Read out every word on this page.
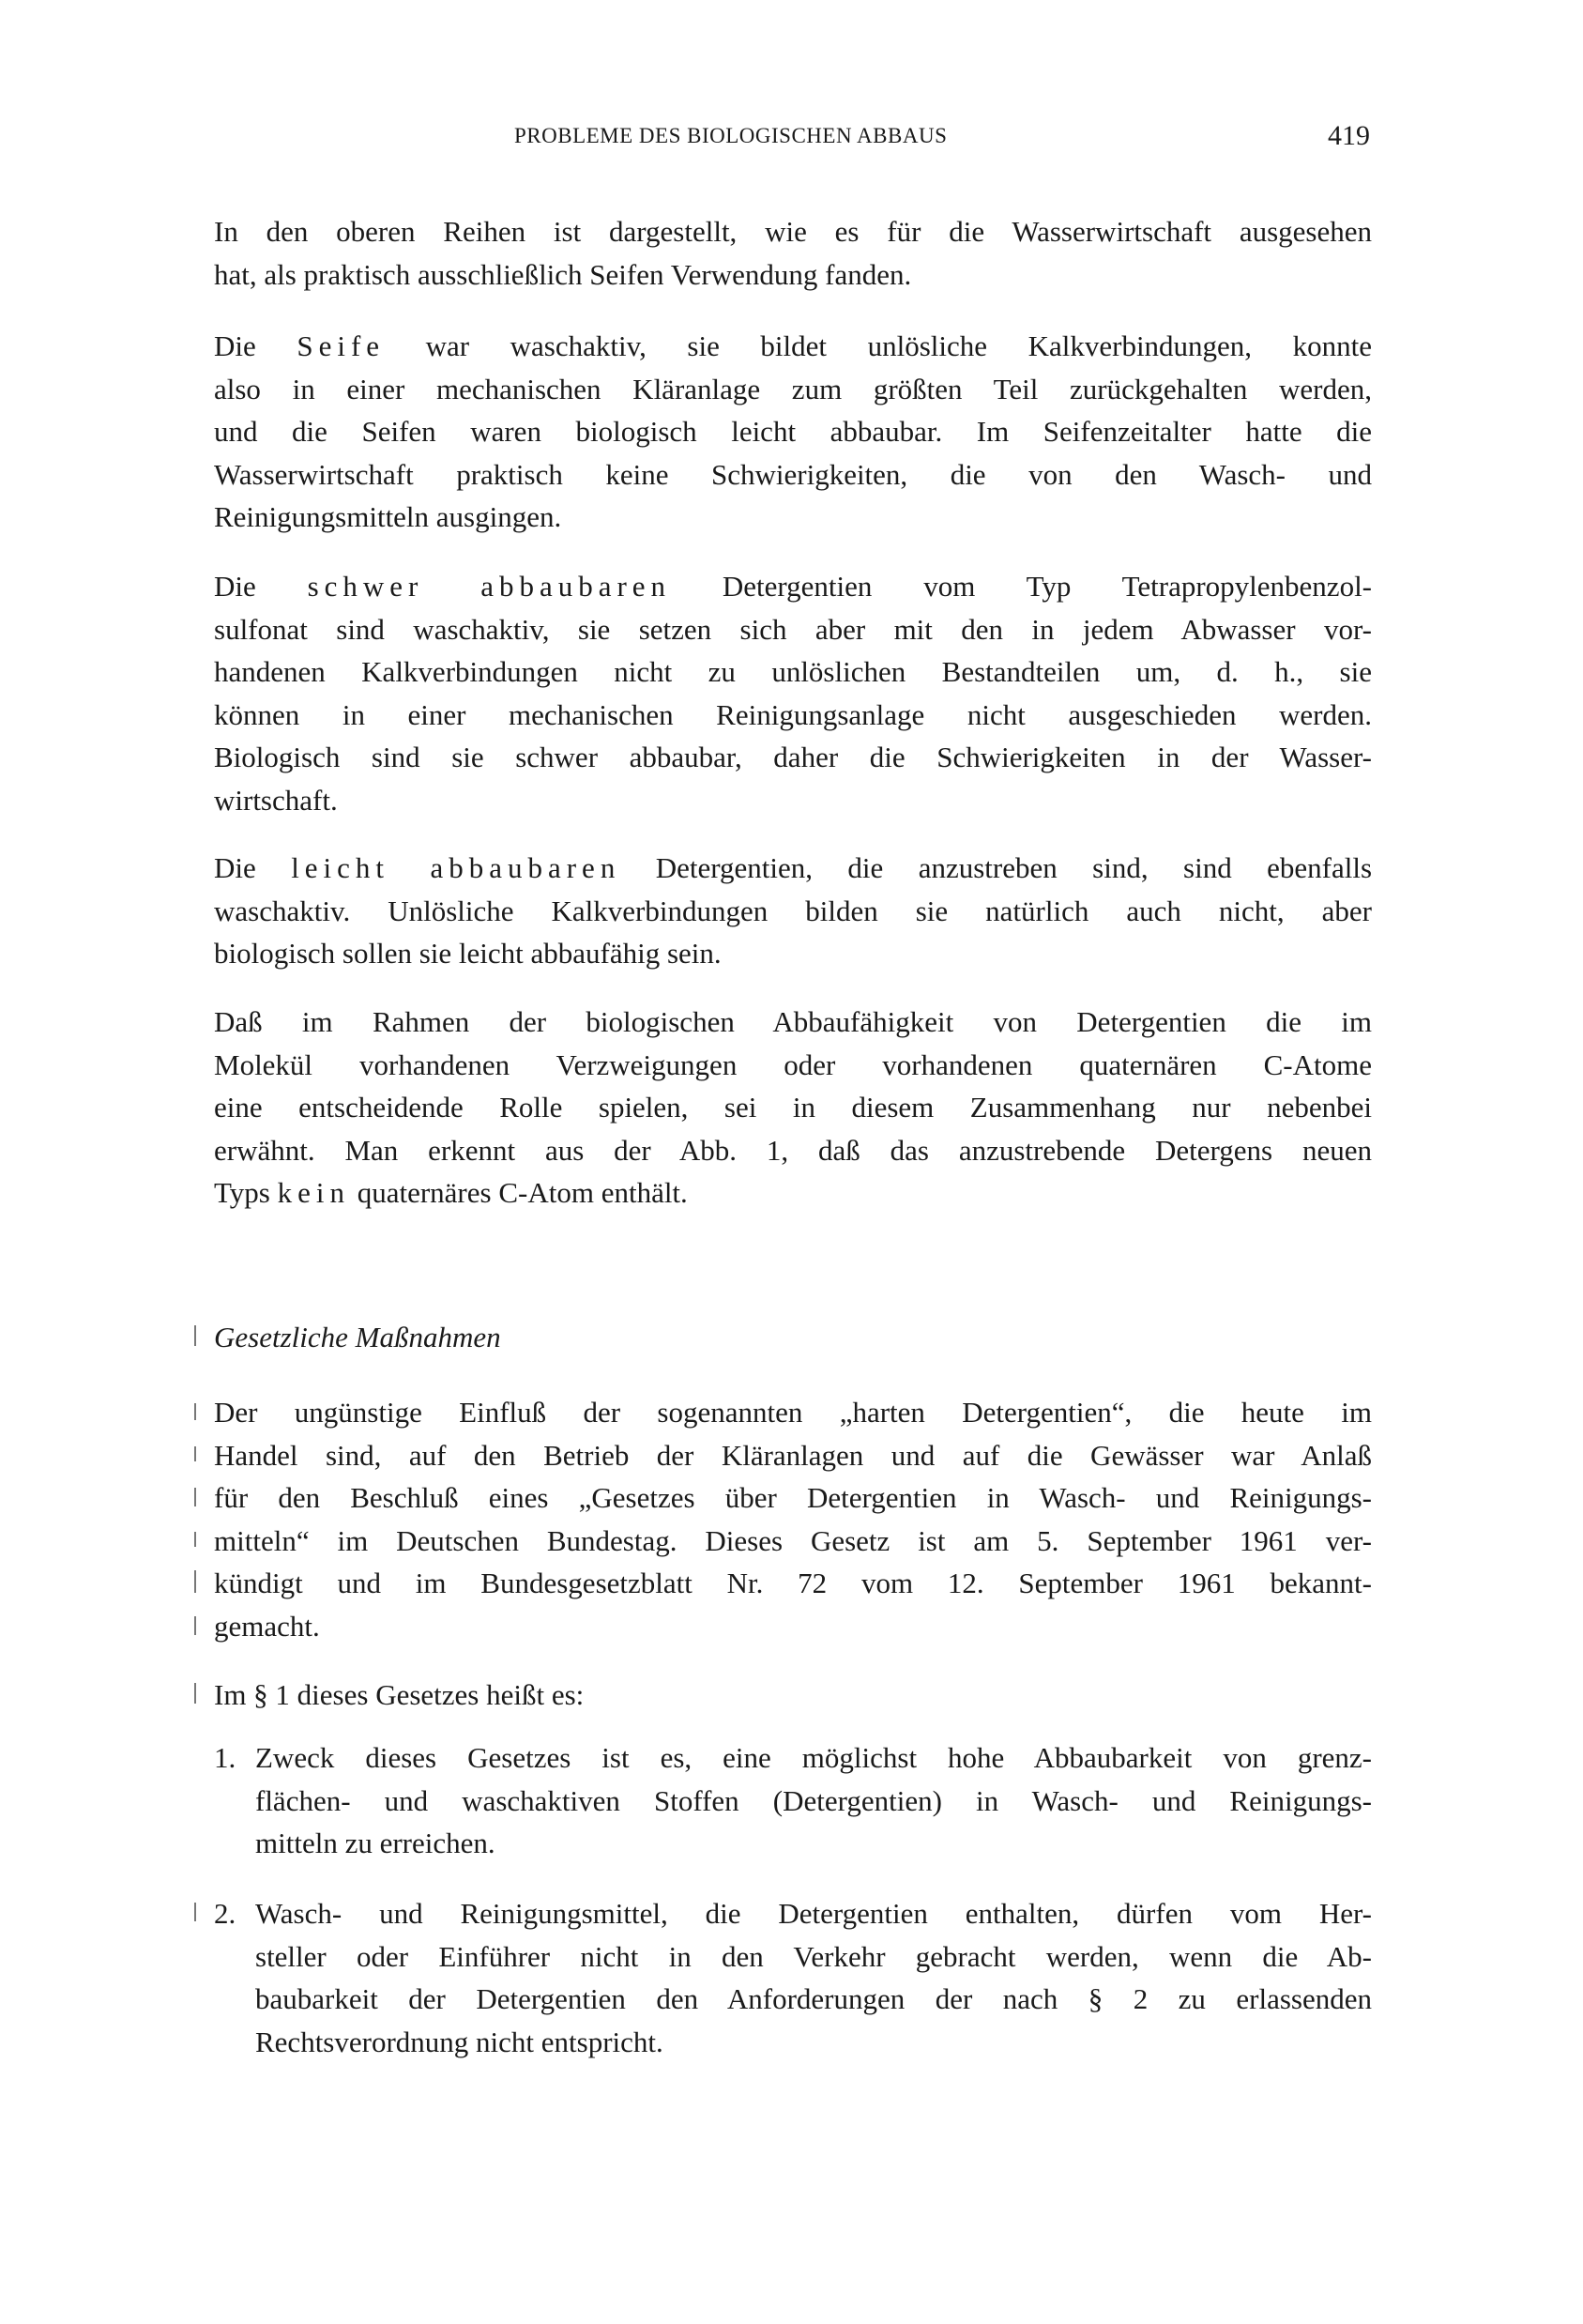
PROBLEME DES BIOLOGISCHEN ABBAUS	419
In den oberen Reihen ist dargestellt, wie es für die Wasserwirtschaft ausgesehen
hat, als praktisch ausschließlich Seifen Verwendung fanden.
Die Seife war waschaktiv, sie bildet unlösliche Kalkverbindungen, konnte
also in einer mechanischen Kläranlage zum größten Teil zurückgehalten werden,
und die Seifen waren biologisch leicht abbaubar. Im Seifenzeitalter hatte die
Wasserwirtschaft praktisch keine Schwierigkeiten, die von den Wasch- und
Reinigungsmitteln ausgingen.
Die schwer abbaubaren Detergentien vom Typ Tetrapropylenbenzol-
sulfonat sind waschaktiv, sie setzen sich aber mit den in jedem Abwasser vor-
handenen Kalkverbindungen nicht zu unlöslichen Bestandteilen um, d. h., sie
können in einer mechanischen Reinigungsanlage nicht ausgeschieden werden.
Biologisch sind sie schwer abbaubar, daher die Schwierigkeiten in der Wasser-
wirtschaft.
Die leicht abbaubaren Detergentien, die anzustreben sind, sind ebenfalls
waschaktiv. Unlösliche Kalkverbindungen bilden sie natürlich auch nicht, aber
biologisch sollen sie leicht abbaufähig sein.
Daß im Rahmen der biologischen Abbaufähigkeit von Detergentien die im
Molekül vorhandenen Verzweigungen oder vorhandenen quaternären C-Atome
eine entscheidende Rolle spielen, sei in diesem Zusammenhang nur nebenbei
erwähnt. Man erkennt aus der Abb. 1, daß das anzustrebende Detergens neuen
Typs kein quaternäres C-Atom enthält.
Gesetzliche Maßnahmen
Der ungünstige Einfluß der sogenannten „harten Detergentien“, die heute im
Handel sind, auf den Betrieb der Kläranlagen und auf die Gewässer war Anlaß
für den Beschluß eines „Gesetzes über Detergentien in Wasch- und Reinigungs-
mitteln“ im Deutschen Bundestag. Dieses Gesetz ist am 5. September 1961 ver-
kündigt und im Bundesgesetzblatt Nr. 72 vom 12. September 1961 bekannt-
gemacht.
Im § 1 dieses Gesetzes heißt es:
1. Zweck dieses Gesetzes ist es, eine möglichst hohe Abbaubarkeit von grenz-
flächen- und waschaktiven Stoffen (Detergentien) in Wasch- und Reinigungs-
mitteln zu erreichen.
2. Wasch- und Reinigungsmittel, die Detergentien enthalten, dürfen vom Her-
steller oder Einführer nicht in den Verkehr gebracht werden, wenn die Ab-
baubarkeit der Detergentien den Anforderungen der nach § 2 zu erlassenden
Rechtsverordnung nicht entspricht.
